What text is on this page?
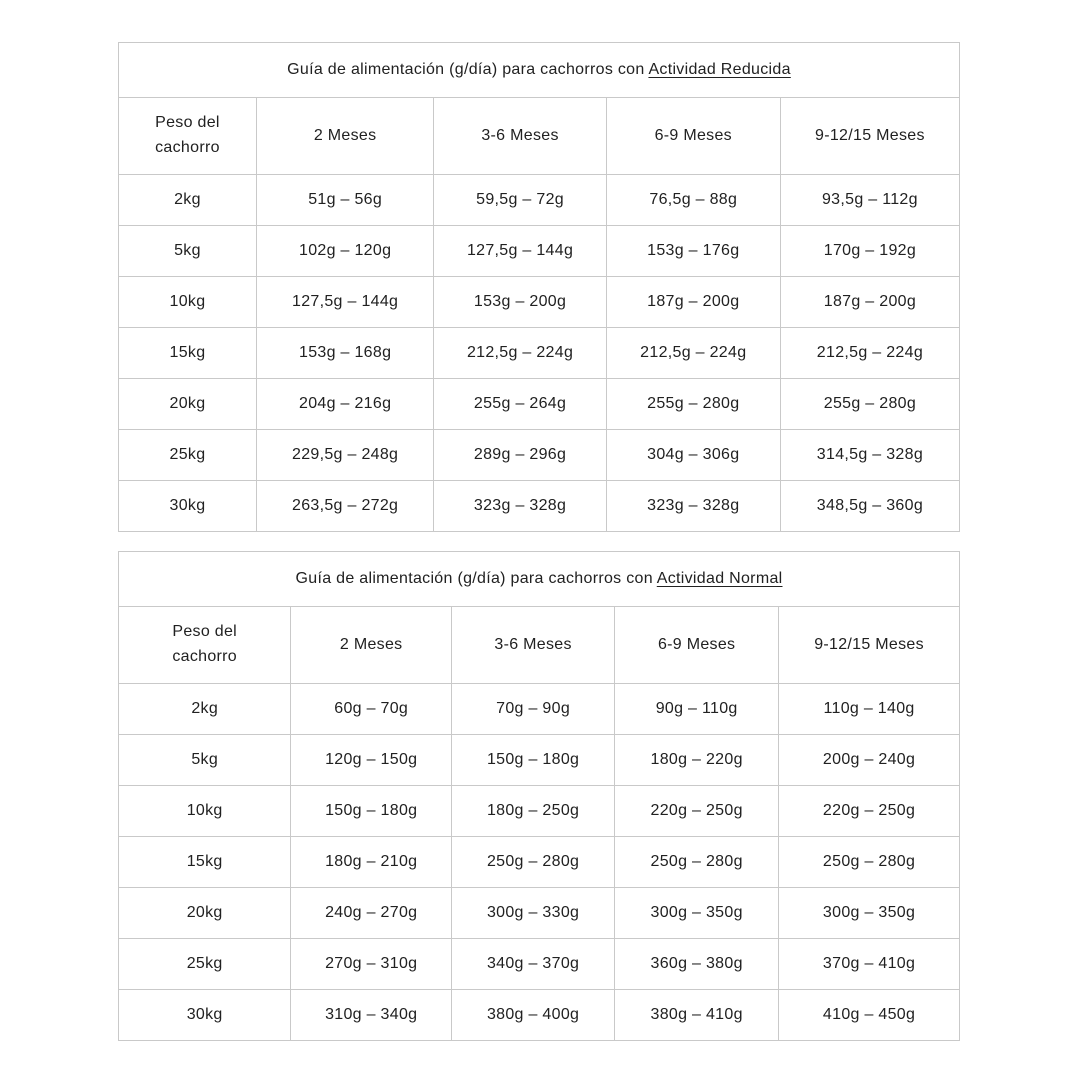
Guía de alimentación (g/día) para cachorros con Actividad Reducida				
Peso del cachorro	2 Meses	3-6 Meses	6-9 Meses	9-12/15 Meses
2kg	51g – 56g	59,5g – 72g	76,5g – 88g	93,5g – 112g
5kg	102g – 120g	127,5g – 144g	153g – 176g	170g – 192g
10kg	127,5g – 144g	153g – 200g	187g – 200g	187g – 200g
15kg	153g – 168g	212,5g – 224g	212,5g – 224g	212,5g – 224g
20kg	204g – 216g	255g – 264g	255g – 280g	255g – 280g
25kg	229,5g – 248g	289g – 296g	304g – 306g	314,5g – 328g
30kg	263,5g – 272g	323g – 328g	323g – 328g	348,5g – 360g
Guía de alimentación (g/día) para cachorros con Actividad Normal				
Peso del cachorro	2 Meses	3-6 Meses	6-9 Meses	9-12/15 Meses
2kg	60g – 70g	70g – 90g	90g – 110g	110g – 140g
5kg	120g – 150g	150g – 180g	180g – 220g	200g – 240g
10kg	150g – 180g	180g – 250g	220g – 250g	220g – 250g
15kg	180g – 210g	250g – 280g	250g – 280g	250g – 280g
20kg	240g – 270g	300g – 330g	300g – 350g	300g – 350g
25kg	270g – 310g	340g – 370g	360g – 380g	370g – 410g
30kg	310g – 340g	380g – 400g	380g – 410g	410g – 450g
